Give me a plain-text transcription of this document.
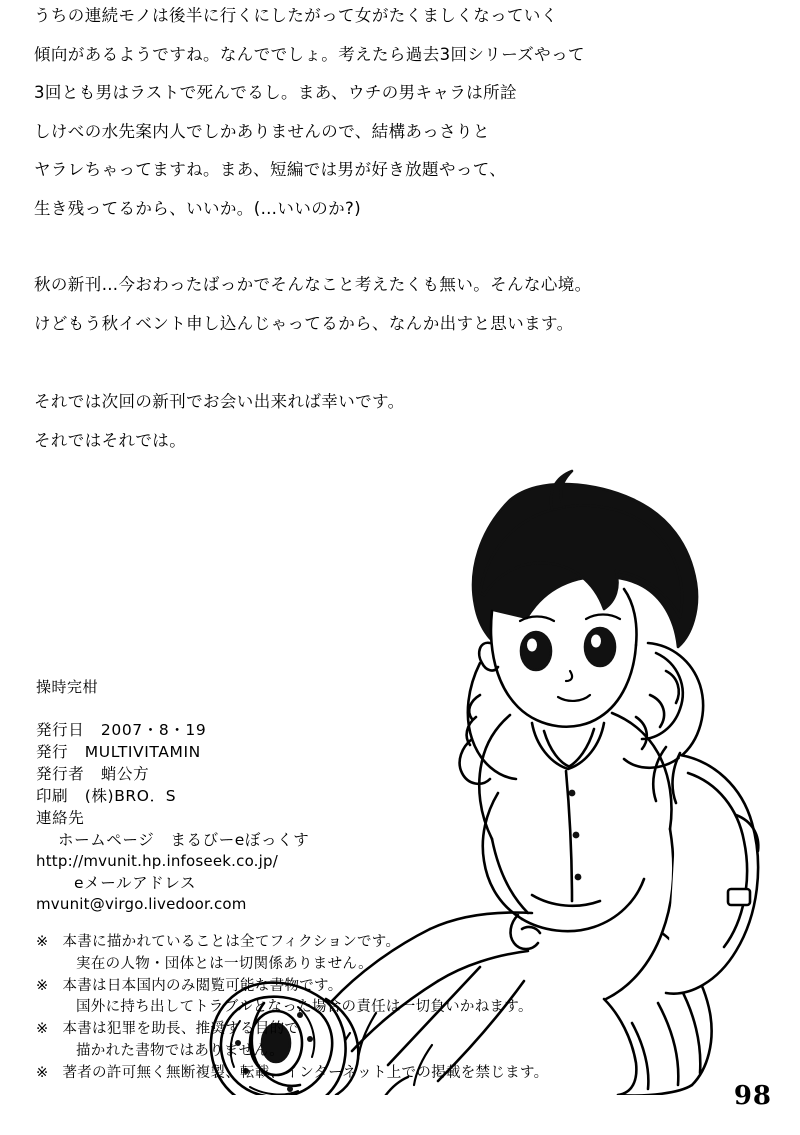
うちの連続モノは後半に行くにしたがって女がたくましくなっていく

傾向があるようですね。なんででしょ。考えたら過去3回シリーズやって

3回とも男はラストで死んでるし。まあ、ウチの男キャラは所詮

しけべの水先案内人でしかありませんので、結構あっさりと

ヤラレちゃってますね。まあ、短編では男が好き放題やって、

生き残ってるから、いいか。(…いいのか?)

秋の新刊…今おわったばっかでそんなこと考えたくも無い。そんな心境。

けどもう秋イベント申し込んじゃってるから、なんか出すと思います。

それでは次回の新刊でお会い出来れば幸いです。

それではそれでは。

操時完柑
発行日 2007・8・19
発行 MULTIVITAMIN
発行者 蛸公方
印刷 (株)BRO．S
連絡先
ホームページ　まるびーeぼっくす
http://mvunit.hp.infoseek.co.jp/
eメールアドレス
mvunit@virgo.livedoor.com
※ 本書に描かれていることは全てフィクションです。
実在の人物・団体とは一切関係ありません。
※ 本書は日本国内のみ閲覧可能な書物です。
国外に持ち出してトラブルとなった場合の責任は一切負いかねます。
※ 本書は犯罪を助長、推奨する目的で
描かれた書物ではありません。
※ 著者の許可無く無断複製、転載、インターネット上での掲載を禁じます。
98
